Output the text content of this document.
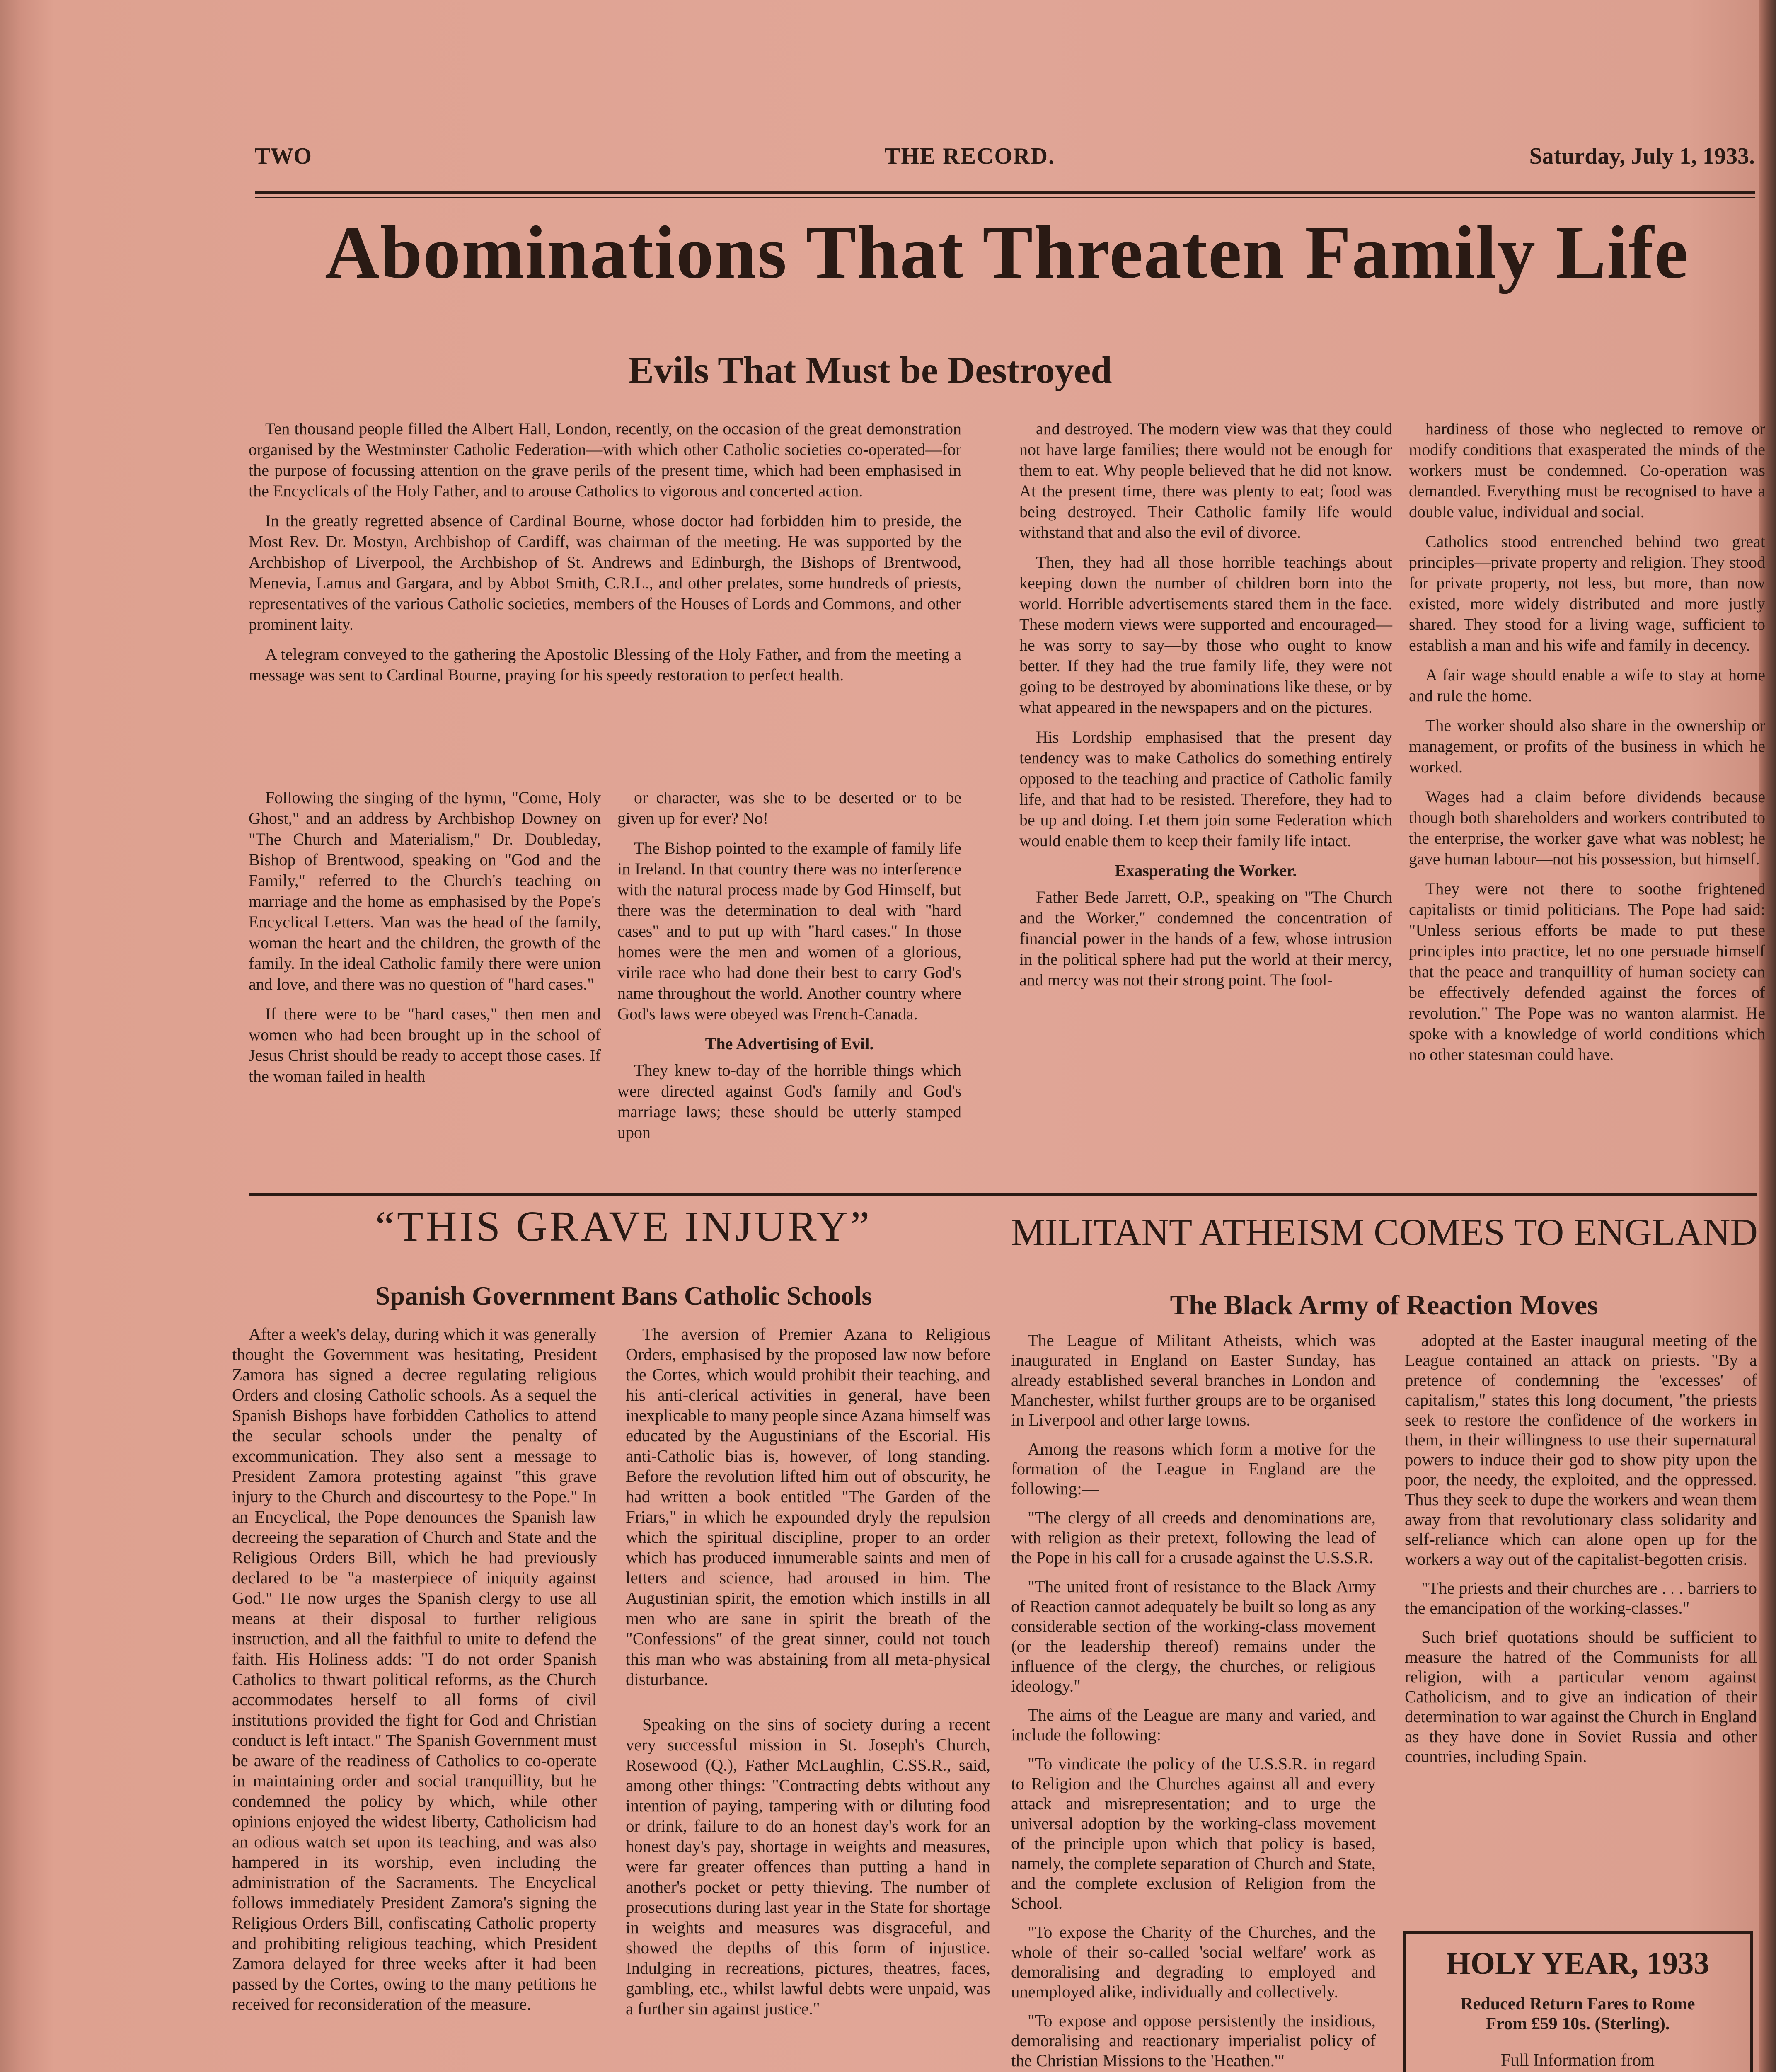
TWO	THE RECORD.	Saturday, July 1, 1933.
Abominations That Threaten Family Life
Evils That Must be Destroyed

Ten thousand people filled the Albert Hall, London, recently, on the occasion of the great demonstration organised by the Westminster Catholic Federation—with which other Catholic societies co-operated—for the purpose of focussing attention on the grave perils of the present time, which had been emphasised in the Encyclicals of the Holy Father, and to arouse Catholics to vigorous and concerted action.

In the greatly regretted absence of Cardinal Bourne, whose doctor had forbidden him to preside, the Most Rev. Dr. Mostyn, Archbishop of Cardiff, was chairman of the meeting. He was supported by the Archbishop of Liverpool, the Archbishop of St. Andrews and Edinburgh, the Bishops of Brentwood, Menevia, Lamus and Gargara, and by Abbot Smith, C.R.L., and other prelates, some hundreds of priests, representatives of the various Catholic societies, members of the Houses of Lords and Commons, and other prominent laity.

A telegram conveyed to the gathering the Apostolic Blessing of the Holy Father, and from the meeting a message was sent to Cardinal Bourne, praying for his speedy restoration to perfect health.

Following the singing of the hymn, "Come, Holy Ghost," and an address by Archbishop Downey on "The Church and Materialism," Dr. Doubleday, Bishop of Brentwood, speaking on "God and the Family," referred to the Church's teaching on marriage and the home as emphasised by the Pope's Encyclical Letters. Man was the head of the family, woman the heart and the children, the growth of the family. In the ideal Catholic family there were union and love, and there was no question of "hard cases."

If there were to be "hard cases," then men and women who had been brought up in the school of Jesus Christ should be ready to accept those cases. If the woman failed in health

or character, was she to be deserted or to be given up for ever? No!

The Bishop pointed to the example of family life in Ireland. In that country there was no interference with the natural process made by God Himself, but there was the determination to deal with "hard cases" and to put up with "hard cases." In those homes were the men and women of a glorious, virile race who had done their best to carry God's name throughout the world. Another country where God's laws were obeyed was French-Canada.

The Advertising of Evil.

They knew to-day of the horrible things which were directed against God's family and God's marriage laws; these should be utterly stamped upon

and destroyed. The modern view was that they could not have large families; there would not be enough for them to eat. Why people believed that he did not know. At the present time, there was plenty to eat; food was being destroyed. Their Catholic family life would withstand that and also the evil of divorce.

Then, they had all those horrible teachings about keeping down the number of children born into the world. Horrible advertisements stared them in the face. These modern views were supported and encouraged—he was sorry to say—by those who ought to know better. If they had the true family life, they were not going to be destroyed by abominations like these, or by what appeared in the newspapers and on the pictures.

His Lordship emphasised that the present day tendency was to make Catholics do something entirely opposed to the teaching and practice of Catholic family life, and that had to be resisted. Therefore, they had to be up and doing. Let them join some Federation which would enable them to keep their family life intact.

Exasperating the Worker.

Father Bede Jarrett, O.P., speaking on "The Church and the Worker," condemned the concentration of financial power in the hands of a few, whose intrusion in the political sphere had put the world at their mercy, and mercy was not their strong point. The fool-

hardiness of those who neglected to remove or modify conditions that exasperated the minds of the workers must be condemned. Co-operation was demanded. Everything must be recognised to have a double value, individual and social.

Catholics stood entrenched behind two great principles—private property and religion. They stood for private property, not less, but more, than now existed, more widely distributed and more justly shared. They stood for a living wage, sufficient to establish a man and his wife and family in decency.

A fair wage should enable a wife to stay at home and rule the home.

The worker should also share in the ownership or management, or profits of the business in which he worked.

Wages had a claim before dividends because though both shareholders and workers contributed to the enterprise, the worker gave what was noblest; he gave human labour—not his possession, but himself.

They were not there to soothe frightened capitalists or timid politicians. The Pope had said: "Unless serious efforts be made to put these principles into practice, let no one persuade himself that the peace and tranquillity of human society can be effectively defended against the forces of revolution." The Pope was no wanton alarmist. He spoke with a knowledge of world conditions which no other statesman could have.

“THIS GRAVE INJURY”
Spanish Government Bans Catholic Schools

After a week's delay, during which it was generally thought the Government was hesitating, President Zamora has signed a decree regulating religious Orders and closing Catholic schools. As a sequel the Spanish Bishops have forbidden Catholics to attend the secular schools under the penalty of excommunication. They also sent a message to President Zamora protesting against "this grave injury to the Church and discourtesy to the Pope." In an Encyclical, the Pope denounces the Spanish law decreeing the separation of Church and State and the Religious Orders Bill, which he had previously declared to be "a masterpiece of iniquity against God." He now urges the Spanish clergy to use all means at their disposal to further religious instruction, and all the faithful to unite to defend the faith. His Holiness adds: "I do not order Spanish Catholics to thwart political reforms, as the Church accommodates herself to all forms of civil institutions provided the fight for God and Christian conduct is left intact." The Spanish Government must be aware of the readiness of Catholics to co-operate in maintaining order and social tranquillity, but he condemned the policy by which, while other opinions enjoyed the widest liberty, Catholicism had an odious watch set upon its teaching, and was also hampered in its worship, even including the administration of the Sacraments. The Encyclical follows immediately President Zamora's signing the Religious Orders Bill, confiscating Catholic property and prohibiting religious teaching, which President Zamora delayed for three weeks after it had been passed by the Cortes, owing to the many petitions he received for reconsideration of the measure.

The aversion of Premier Azana to Religious Orders, emphasised by the proposed law now before the Cortes, which would prohibit their teaching, and his anti-clerical activities in general, have been inexplicable to many people since Azana himself was educated by the Augustinians of the Escorial. His anti-Catholic bias is, however, of long standing. Before the revolution lifted him out of obscurity, he had written a book entitled "The Garden of the Friars," in which he expounded dryly the repulsion which the spiritual discipline, proper to an order which has produced innumerable saints and men of letters and science, had aroused in him. The Augustinian spirit, the emotion which instills in all men who are sane in spirit the breath of the "Confessions" of the great sinner, could not touch this man who was abstaining from all meta-physical disturbance.

Speaking on the sins of society during a recent very successful mission in St. Joseph's Church, Rosewood (Q.), Father McLaughlin, C.SS.R., said, among other things: "Contracting debts without any intention of paying, tampering with or diluting food or drink, failure to do an honest day's work for an honest day's pay, shortage in weights and measures, were far greater offences than putting a hand in another's pocket or petty thieving. The number of prosecutions during last year in the State for shortage in weights and measures was disgraceful, and showed the depths of this form of injustice. Indulging in recreations, pictures, theatres, faces, gambling, etc., whilst lawful debts were unpaid, was a further sin against justice."

MILITANT ATHEISM COMES TO ENGLAND
The Black Army of Reaction Moves

The League of Militant Atheists, which was inaugurated in England on Easter Sunday, has already established several branches in London and Manchester, whilst further groups are to be organised in Liverpool and other large towns.

Among the reasons which form a motive for the formation of the League in England are the following:—

"The clergy of all creeds and denominations are, with religion as their pretext, following the lead of the Pope in his call for a crusade against the U.S.S.R.

"The united front of resistance to the Black Army of Reaction cannot adequately be built so long as any considerable section of the working-class movement (or the leadership thereof) remains under the influence of the clergy, the churches, or religious ideology."

The aims of the League are many and varied, and include the following:

"To vindicate the policy of the U.S.S.R. in regard to Religion and the Churches against all and every attack and misrepresentation; and to urge the universal adoption by the working-class movement of the principle upon which that policy is based, namely, the complete separation of Church and State, and the complete exclusion of Religion from the School.

"To expose the Charity of the Churches, and the whole of their so-called 'social welfare' work as demoralising and degrading to employed and unemployed alike, individually and collectively.

"To expose and oppose persistently the insidious, demoralising and reactionary imperialist policy of the Christian Missions to the 'Heathen.'"

adopted at the Easter inaugural meeting of the League contained an attack on priests. "By a pretence of condemning the 'excesses' of capitalism," states this long document, "the priests seek to restore the confidence of the workers in them, in their willingness to use their supernatural powers to induce their god to show pity upon the poor, the needy, the exploited, and the oppressed. Thus they seek to dupe the workers and wean them away from that revolutionary class solidarity and self-reliance which can alone open up for the workers a way out of the capitalist-begotten crisis.

"The priests and their churches are . . . barriers to the emancipation of the working-classes."

Such brief quotations should be sufficient to measure the hatred of the Communists for all religion, with a particular venom against Catholicism, and to give an indication of their determination to war against the Church in England as they have done in Soviet Russia and other countries, including Spain.

HOLY YEAR, 1933
Reduced Return Fares to Rome
From £59 10s. (Sterling).
Full Information from
